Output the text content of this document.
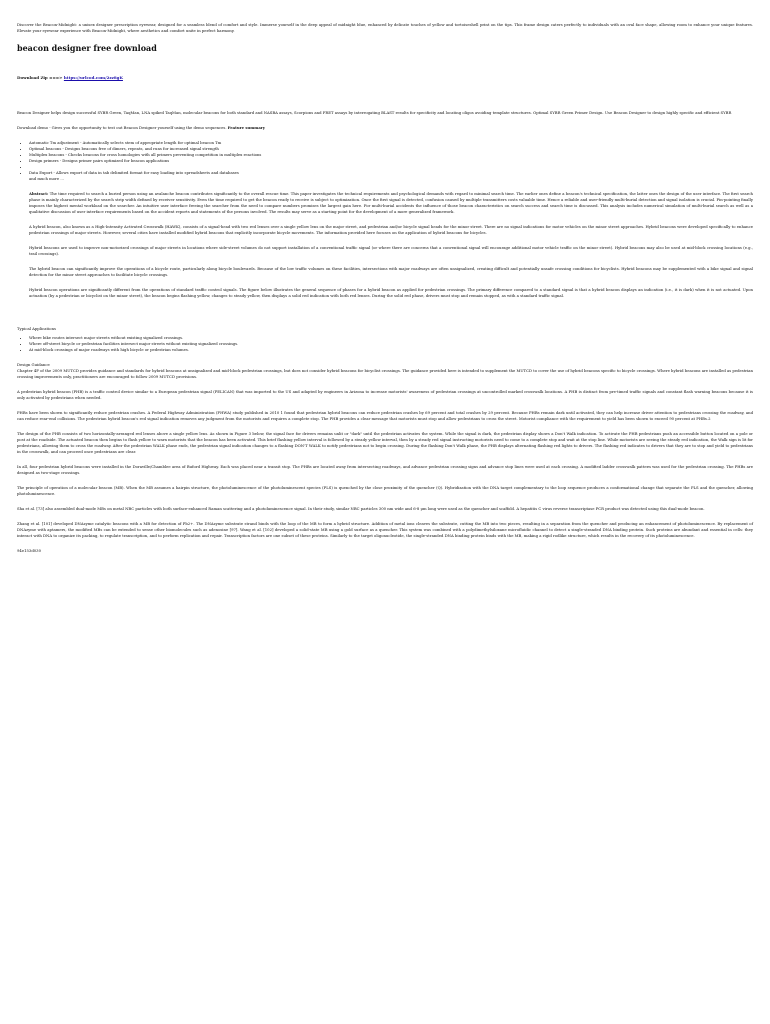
Discover the Beacon-Midnight: a unisex designer prescription eyewear, designed for a seamless blend of comfort and style. Immerse yourself in the deep appeal of midnight blue, enhanced by delicate touches of yellow and tortoiseshell print on the tips. This frame design caters perfectly to individuals with an oval face shape, allowing room to enhance your unique features. Elevate your eyewear experience with Beacon-Midnight, where aesthetics and comfort unite in perfect harmony.

beacon designer free download
Download Zip ===> https://urlcod.com/2zz8gK

Beacon Designer helps design successful SYBR Green, TaqMan, LNA spiked TaqMan, molecular beacons for both standard and NASBA assays, Scorpions and FRET assays by interrogating BLAST results for specificity and locating oligos avoiding template structures. Optimal SYBR Green Primer Design. Use Beacon Designer to design highly specific and efficient SYBR

Download demo - Gives you the opportunity to test out Beacon Designer yourself using the demo sequences. Feature summary

• Automatic Tm adjustment - Automatically selects stem of appropriate length for optimal beacon Tm
• Optimal beacons - Designs beacons free of dimers, repeats, and runs for increased signal strength
• Multiplex beacons - Checks beacons for cross homologies with all primers preventing competition in multiplex reactions
• Design primers - Designs primer pairs optimized for beacon applications
•
• Data Export - Allows export of data in tab delimited format for easy loading into spreadsheets and databases
and much more ...

Abstract: The time required to search a buried person using an avalanche beacon contributes significantly to the overall rescue time. This paper investigates the technical requirements and psychological demands with regard to minimal search time. The earlier ones define a beacon's technical specification, the latter ones the design of the user interface. The first search phase is mainly characterized by the search strip width defined by receiver sensitivity. Even the time required to get the beacon ready to receive is subject to optimization. Once the first signal is detected, confusion caused by multiple transmitters costs valuable time. Hence a reliable and user-friendly multi-burial detection and signal isolation is crucial. Pin-pointing finally imposes the highest mental workload on the searcher. An intuitive user interface freeing the searcher from the need to compare numbers promises the largest gain here. For multi-burial accidents the influence of those beacon characteristics on search success and search time is discussed. This analysis includes numerical simulation of multi-burial search as well as a qualitative discussion of user interface requirements based on the accident reports and statements of the persons involved. The results may serve as a starting point for the development of a more generalized framework.

A hybrid beacon, also known as a High-Intensity Activated Crosswalk (HAWK), consists of a signal-head with two red lenses over a single yellow lens on the major street, and pedestrian and/or bicycle signal heads for the minor street. There are no signal indications for motor vehicles on the minor street approaches. Hybrid beacons were developed specifically to enhance pedestrian crossings of major streets. However, several cities have installed modified hybrid beacons that explicitly incorporate bicycle movements. The information provided here focuses on the application of hybrid beacons for bicycles.

Hybrid beacons are used to improve non-motorized crossings of major streets in locations where side-street volumes do not support installation of a conventional traffic signal (or where there are concerns that a conventional signal will encourage additional motor vehicle traffic on the minor street). Hybrid beacons may also be used at mid-block crossing locations (e.g., trail crossings).

The hybrid beacon can significantly improve the operations of a bicycle route, particularly along bicycle boulevards. Because of the low traffic volumes on these facilities, intersections with major roadways are often unsignalized, creating difficult and potentially unsafe crossing conditions for bicyclists. Hybrid beacons may be supplemented with a bike signal and signal detection for the minor street approaches to facilitate bicycle crossings.

Hybrid beacon operations are significantly different from the operations of standard traffic control signals. The figure below illustrates the general sequence of phases for a hybrid beacon as applied for pedestrian crossings. The primary difference compared to a standard signal is that a hybrid beacon displays an indication (i.e., it is dark) when it is not actuated. Upon actuation (by a pedestrian or bicyclist on the minor street), the beacon begins flashing yellow, changes to steady yellow, then displays a solid red indication with both red lenses. During the solid red phase, drivers must stop and remain stopped, as with a standard traffic signal.

Typical Applications
• Where bike routes intersect major streets without existing signalized crossings.
• Where off-street bicycle or pedestrian facilities intersect major streets without existing signalized crossings.
• At mid-block crossings of major roadways with high bicycle or pedestrian volumes.
Design Guidance

Chapter 4F of the 2009 MUTCD provides guidance and standards for hybrid beacons at unsignalized and mid-block pedestrian crossings, but does not consider hybrid beacons for bicyclist crossings. The guidance provided here is intended to supplement the MUTCD to cover the use of hybrid beacons specific to bicycle crossings. Where hybrid beacons are installed as pedestrian crossing improvements only, practitioners are encouraged to follow 2009 MUTCD provisions.

A pedestrian hybrid beacon (PHB) is a traffic control device similar to a European pedestrian signal (PELICAN) that was imported to the US and adapted by engineers in Arizona to increase motorists' awareness of pedestrian crossings at uncontrolled marked crosswalk locations. A PHB is distinct from pre-timed traffic signals and constant flash warning beacons because it is only activated by pedestrians when needed.

PHBs have been shown to significantly reduce pedestrian crashes. A Federal Highway Administration (FHWA) study published in 2010 1 found that pedestrian hybrid beacons can reduce pedestrian crashes by 69 percent and total crashes by 29 percent. Because PHBs remain dark until activated, they can help increase driver attention to pedestrians crossing the roadway, and can reduce rear-end collisions. The pedestrian hybrid beacon's red signal indication removes any judgment from the motorists and requires a complete stop. The PHB provides a clear message that motorists must stop and allow pedestrians to cross the street. Motorist compliance with the requirement to yield has been shown to exceed 90 percent at PHBs.2

The design of the PHB consists of two horizontally-arranged red lenses above a single yellow lens. As shown in Figure 3 below, the signal face for drivers remains unlit or "dark" until the pedestrian activates the system. While the signal is dark, the pedestrian display shows a Don't Walk indication. To activate the PHB pedestrians push an accessible button located on a pole or post at the roadside. The actuated beacon then begins to flash yellow to warn motorists that the beacon has been activated. This brief flashing yellow interval is followed by a steady yellow interval, then by a steady red signal instructing motorists need to come to a complete stop and wait at the stop line. While motorists are seeing the steady red indication, the Walk sign is lit for pedestrians, allowing them to cross the roadway. After the pedestrian WALK phase ends, the pedestrian signal indication changes to a flashing DON'T WALK to notify pedestrians not to begin crossing. During the flashing Don't Walk phase, the PHB displays alternating flashing red lights to drivers. The flashing red indicates to drivers that they are to stop and yield to pedestrians in the crosswalk, and can proceed once pedestrians are clear.

In all, four pedestrian hybrid beacons were installed in the Doraville/Chamblee area of Buford Highway. Each was placed near a transit stop. The PHBs are located away from intersecting roadways, and advance pedestrian crossing signs and advance stop lines were used at each crossing. A modified ladder crosswalk pattern was used for the pedestrian crossing. The PHBs are designed as two-stage crossings.

The principle of operation of a molecular beacon (MB). When the MB assumes a hairpin structure, the photoluminescence of the photoluminescent species (PLS) is quenched by the close proximity of the quencher (Q). Hybridization with the DNA target complementary to the loop sequence produces a conformational change that separate the PLS and the quencher, allowing photoluminescence.

Sha et al. [73] also assembled dual-mode MBs on metal NBC particles with both surface-enhanced Raman scattering and a photoluminescence signal. In their study, similar NBC particles 300 nm wide and 6-8 μm long were used as the quencher and scaffold. A hepatitis C virus reverse transcriptase PCR product was detected using this dual-mode beacon.

Zhang et al. [101] developed DNAzyme catalytic beacons with a MB for detection of Pb2+. The DNAzyme substrate strand binds with the loop of the MB to form a hybrid structure. Addition of metal ions cleaves the substrate, cutting the MB into two pieces, resulting in a separation from the quencher and producing an enhancement of photoluminescence. By replacement of DNAzyme with aptamers, the modified MBs can be extended to sense other biomolecules such as adenosine [97]. Wang et al. [102] developed a solid-state MB using a gold surface as a quencher. This system was combined with a polydimethylsiloxane microfluidic channel to detect a single-stranded DNA binding protein. Such proteins are abundant and essential in cells: they interact with DNA to organize its packing, to regulate transcription, and to perform replication and repair. Transcription factors are one subset of these proteins. Similarly to the target oligonucleotide, the single-stranded DNA binding protein binds with the MB, making a rigid rodlike structure, which results in the recovery of its photoluminescence.

94e153d030
